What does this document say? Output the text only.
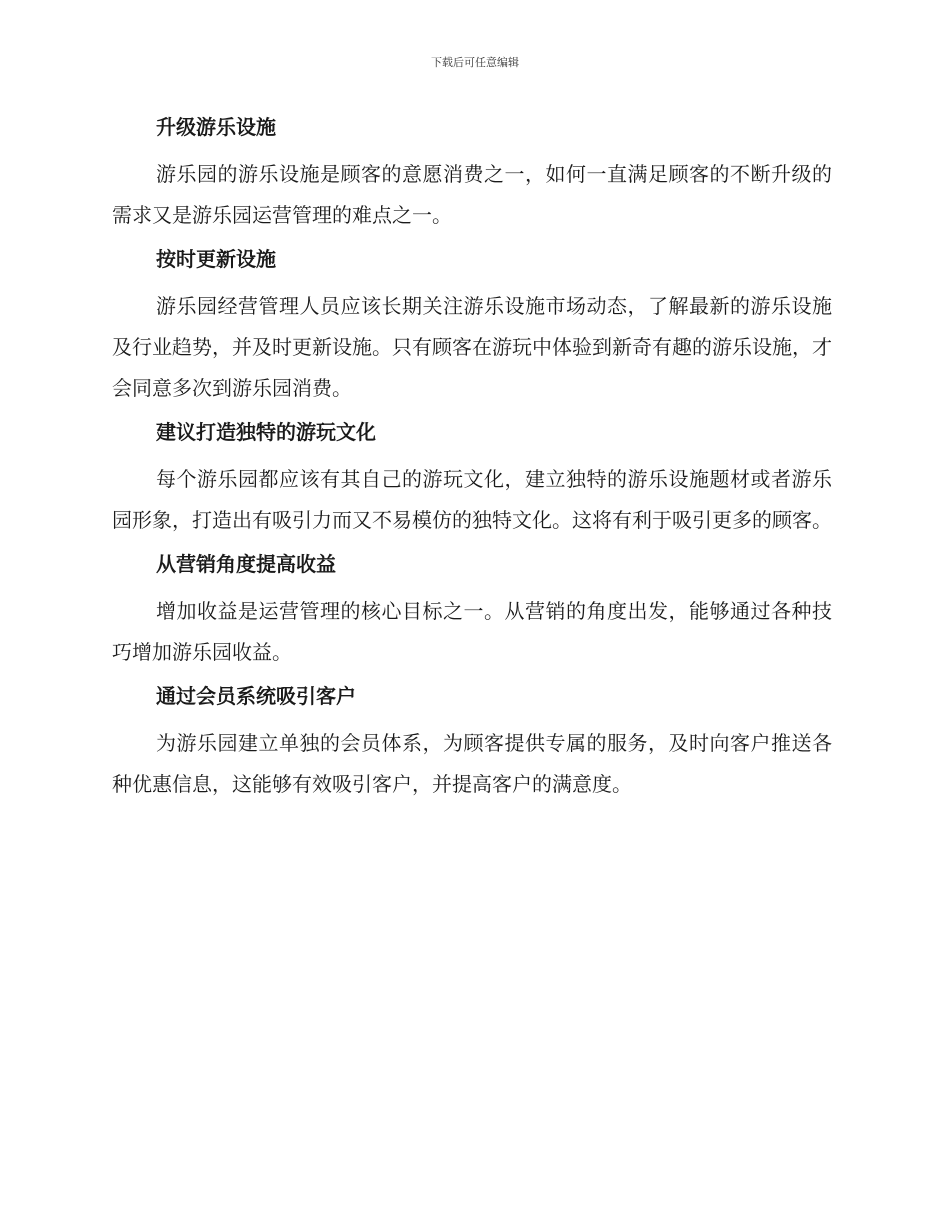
下载后可任意编辑
升级游乐设施

游乐园的游乐设施是顾客的意愿消费之一，如何一直满足顾客的不断升级的需求又是游乐园运营管理的难点之一。

按时更新设施

游乐园经营管理人员应该长期关注游乐设施市场动态，了解最新的游乐设施及行业趋势，并及时更新设施。只有顾客在游玩中体验到新奇有趣的游乐设施，才会同意多次到游乐园消费。

建议打造独特的游玩文化

每个游乐园都应该有其自己的游玩文化，建立独特的游乐设施题材或者游乐园形象，打造出有吸引力而又不易模仿的独特文化。这将有利于吸引更多的顾客。

从营销角度提高收益

增加收益是运营管理的核心目标之一。从营销的角度出发，能够通过各种技巧增加游乐园收益。

通过会员系统吸引客户

为游乐园建立单独的会员体系，为顾客提供专属的服务，及时向客户推送各种优惠信息，这能够有效吸引客户，并提高客户的满意度。
